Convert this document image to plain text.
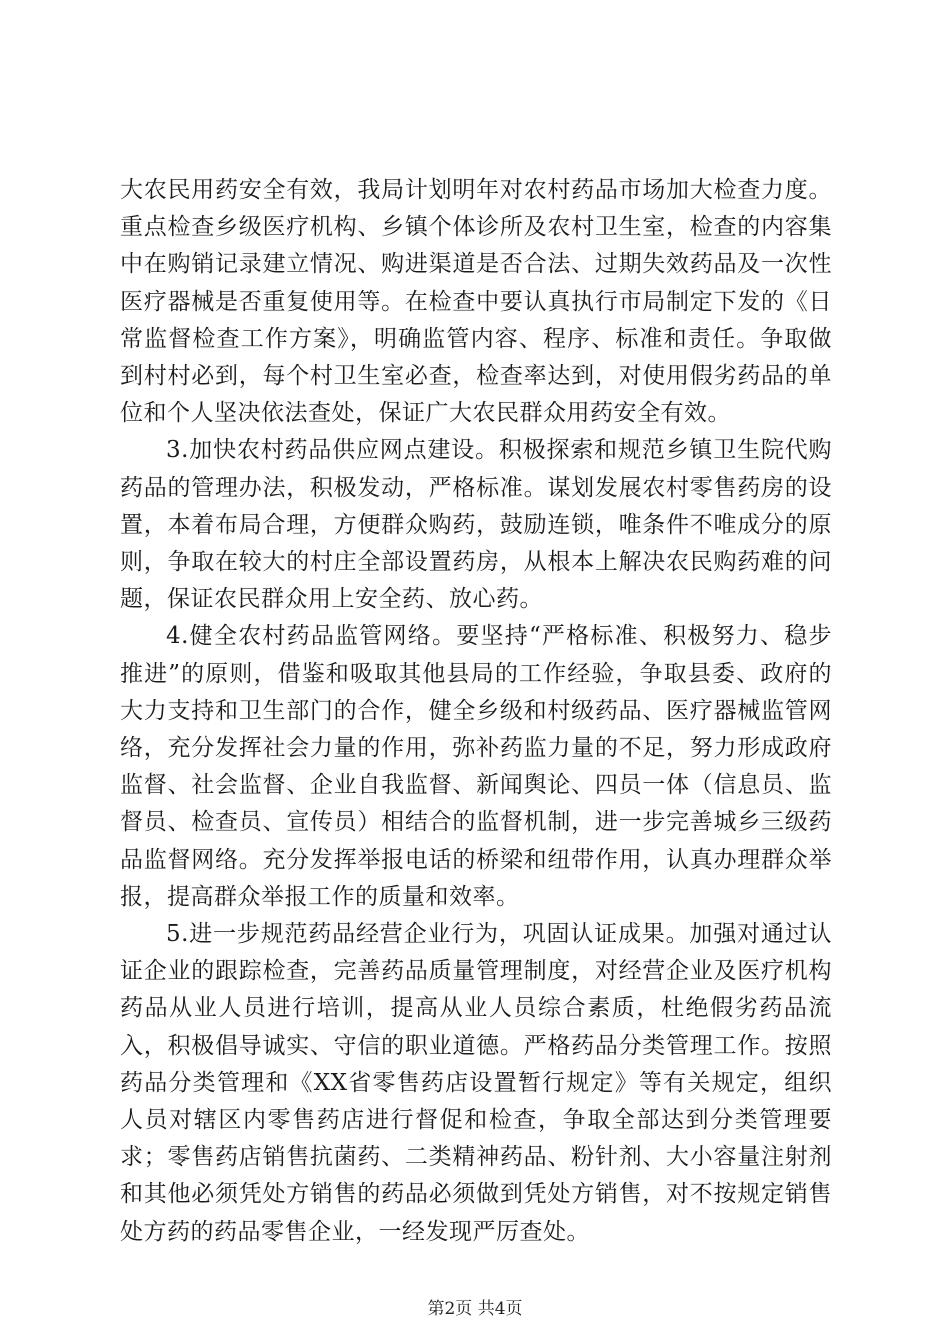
大农民用药安全有效，我局计划明年对农村药品市场加大检查力度。重点检查乡级医疗机构、乡镇个体诊所及农村卫生室，检查的内容集中在购销记录建立情况、购进渠道是否合法、过期失效药品及一次性医疗器械是否重复使用等。在检查中要认真执行市局制定下发的《日常监督检查工作方案》，明确监管内容、程序、标准和责任。争取做到村村必到，每个村卫生室必查，检查率达到，对使用假劣药品的单位和个人坚决依法查处，保证广大农民群众用药安全有效。

3.加快农村药品供应网点建设。积极探索和规范乡镇卫生院代购药品的管理办法，积极发动，严格标准。谋划发展农村零售药房的设置，本着布局合理，方便群众购药，鼓励连锁，唯条件不唯成分的原则，争取在较大的村庄全部设置药房，从根本上解决农民购药难的问题，保证农民群众用上安全药、放心药。

4.健全农村药品监管网络。要坚持“严格标准、积极努力、稳步推进”的原则，借鉴和吸取其他县局的工作经验，争取县委、政府的大力支持和卫生部门的合作，健全乡级和村级药品、医疗器械监管网络，充分发挥社会力量的作用，弥补药监力量的不足，努力形成政府监督、社会监督、企业自我监督、新闻舆论、四员一体（信息员、监督员、检查员、宣传员）相结合的监督机制，进一步完善城乡三级药品监督网络。充分发挥举报电话的桥梁和纽带作用，认真办理群众举报，提高群众举报工作的质量和效率。

5.进一步规范药品经营企业行为，巩固认证成果。加强对通过认证企业的跟踪检查，完善药品质量管理制度，对经营企业及医疗机构药品从业人员进行培训，提高从业人员综合素质，杜绝假劣药品流入，积极倡导诚实、守信的职业道德。严格药品分类管理工作。按照药品分类管理和《XX省零售药店设置暂行规定》等有关规定，组织人员对辖区内零售药店进行督促和检查，争取全部达到分类管理要求；零售药店销售抗菌药、二类精神药品、粉针剂、大小容量注射剂和其他必须凭处方销售的药品必须做到凭处方销售，对不按规定销售处方药的药品零售企业，一经发现严厉查处。

第2页 共4页
